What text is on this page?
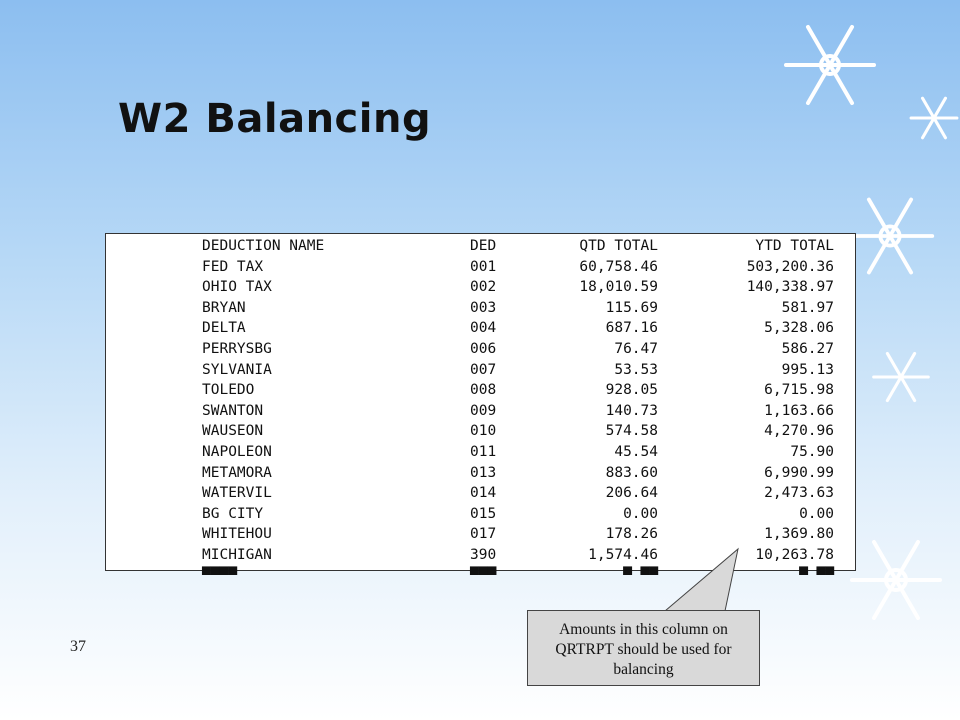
W2 Balancing
DEDUCTION NAME	DED	QTD TOTAL	YTD TOTAL
FED TAX	001	60,758.46	503,200.36
OHIO TAX	002	18,010.59	140,338.97
BRYAN	003	115.69	581.97
DELTA	004	687.16	5,328.06
PERRYSBG	006	76.47	586.27
SYLVANIA	007	53.53	995.13
TOLEDO	008	928.05	6,715.98
SWANTON	009	140.73	1,163.66
WAUSEON	010	574.58	4,270.96
NAPOLEON	011	45.54	75.90
METAMORA	013	883.60	6,990.99
WATERVIL	014	206.64	2,473.63
BG CITY	015	0.00	0.00
WHITEHOU	017	178.26	1,369.80
MICHIGAN	390	1,574.46	10,263.78
▀▀▀▀	▀▀▀	▀ ▀▀	▀ ▀▀
Amounts in this column on
QRTRPT should be used for
balancing
37
